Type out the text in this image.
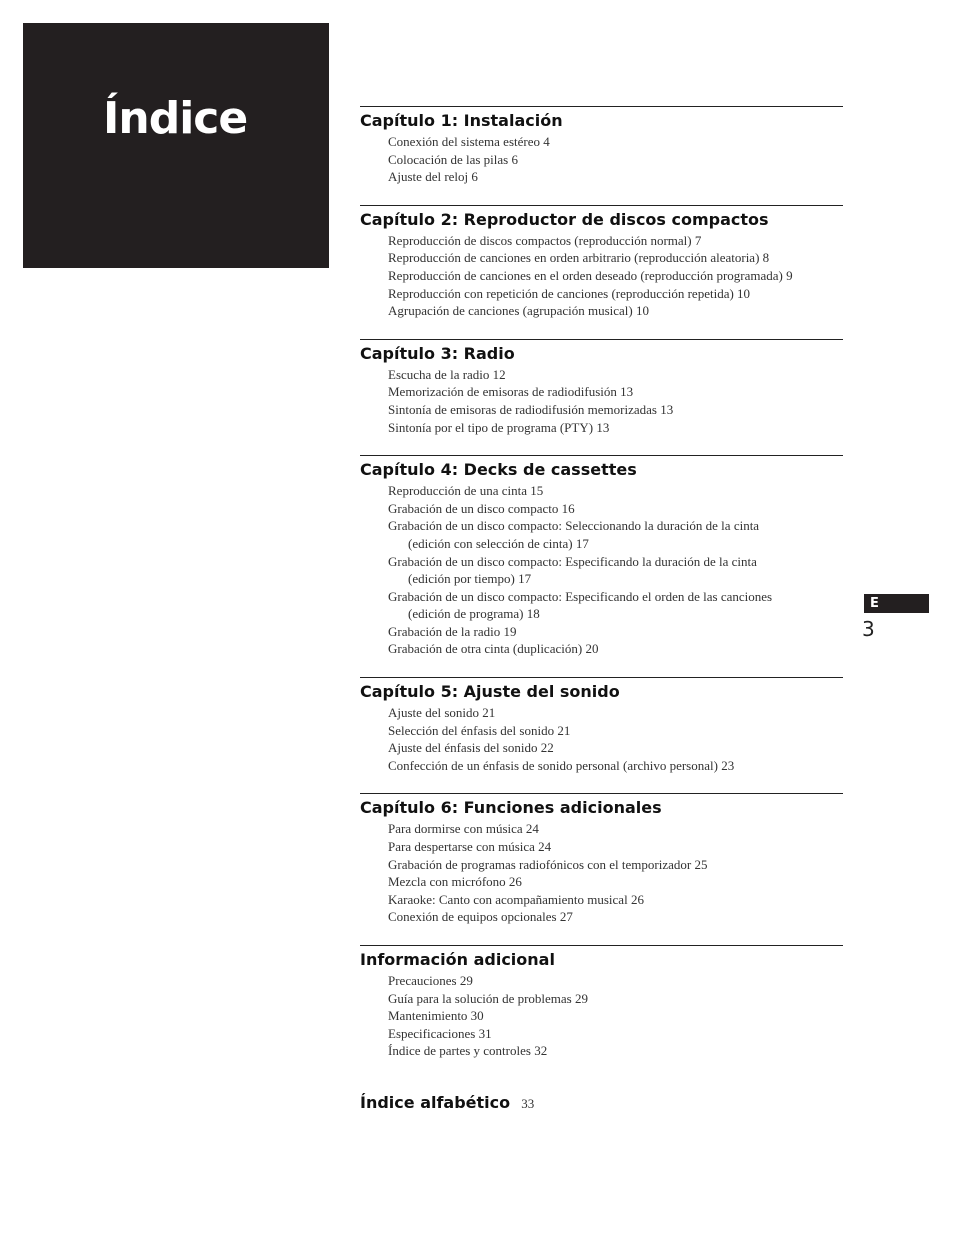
Índice	Capítulo 1: Instalación
Conexión del sistema estéreo 4
Colocación de las pilas 6
Ajuste del reloj 6
Capítulo 2: Reproductor de discos compactos
Reproducción de discos compactos (reproducción normal) 7
Reproducción de canciones en orden arbitrario (reproducción aleatoria) 8
Reproducción de canciones en el orden deseado (reproducción programada) 9
Reproducción con repetición de canciones (reproducción repetida) 10
Agrupación de canciones (agrupación musical) 10
Capítulo 3: Radio
Escucha de la radio 12
Memorización de emisoras de radiodifusión 13
Sintonía de emisoras de radiodifusión memorizadas 13
Sintonía por el tipo de programa (PTY) 13
Capítulo 4: Decks de cassettes
Reproducción de una cinta 15
Grabación de un disco compacto 16
Grabación de un disco compacto: Seleccionando la duración de la cinta
(edición con selección de cinta) 17
Grabación de un disco compacto: Especificando la duración de la cinta
(edición por tiempo) 17
Grabación de un disco compacto: Especificando el orden de las canciones
(edición de programa) 18
Grabación de la radio 19
Grabación de otra cinta (duplicación) 20
Capítulo 5: Ajuste del sonido
Ajuste del sonido 21
Selección del énfasis del sonido 21
Ajuste del énfasis del sonido 22
Confección de un énfasis de sonido personal (archivo personal) 23
Capítulo 6: Funciones adicionales
Para dormirse con música 24
Para despertarse con música 24
Grabación de programas radiofónicos con el temporizador 25
Mezcla con micrófono 26
Karaoke: Canto con acompañamiento musical 26
Conexión de equipos opcionales 27
Información adicional
Precauciones 29
Guía para la solución de problemas 29
Mantenimiento 30
Especificaciones 31
Índice de partes y controles 32
Índice alfabético 33
E
3
